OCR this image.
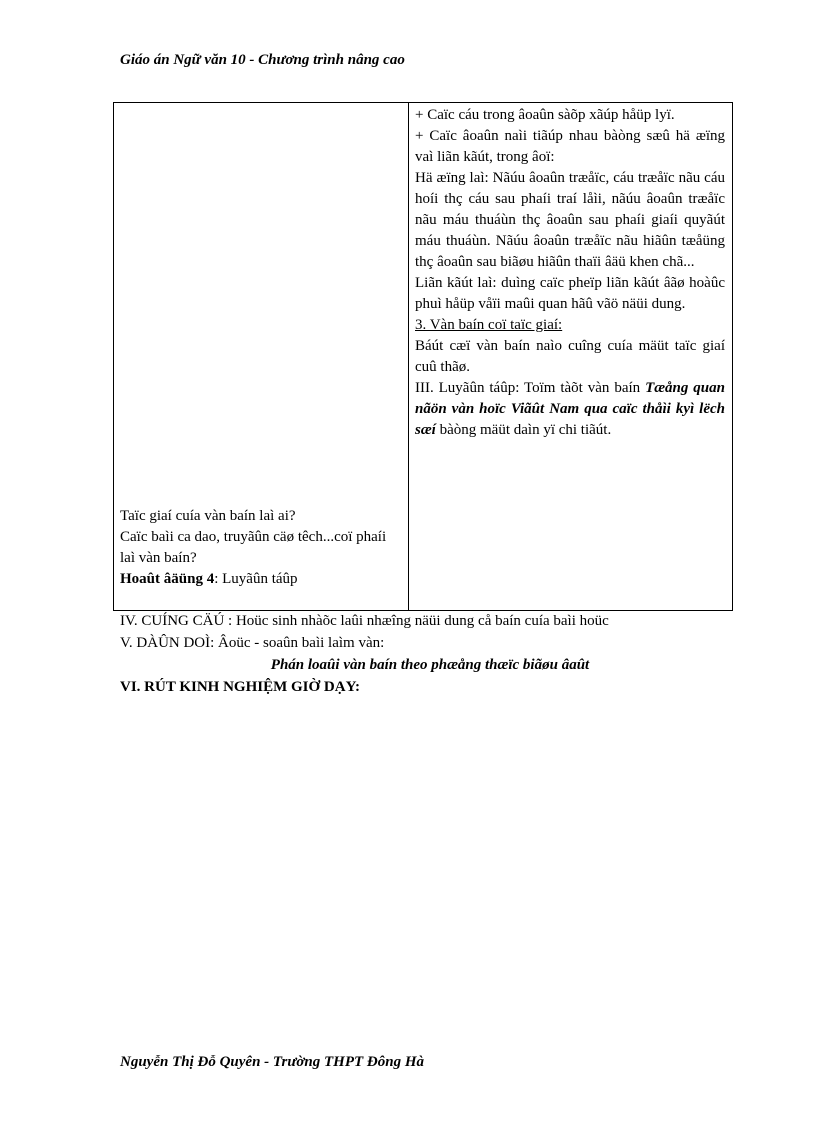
Giáo án Ngữ văn 10 - Chương trình nâng cao

Taïc giaí cuía vàn baín laì ai?

Caïc baìi ca dao, truyãûn cäø têch...coï phaíi laì vàn baín?

Hoaût âäüng 4: Luyãûn táûp

+ Caïc cáu trong âoaûn sàõp xãúp håüp lyï.

+ Caïc âoaûn naìi tiãúp nhau bàòng sæû hä æïng vaì liãn kãút, trong âoï:

Hä æïng laì: Nãúu âoaûn træåïc, cáu træåïc nãu cáu hoíi thç cáu sau phaíi traí låìi, nãúu âoaûn træåïc nãu máu thuáùn thç âoaûn sau phaíi giaíi quyãút máu thuáùn. Nãúu âoaûn træåïc nãu hiãûn tæåüng thç âoaûn sau biãøu hiãûn thaïi âäü khen chã...

Liãn kãút laì: duìng caïc pheïp liãn kãút âãø hoàûc phuì håüp våïi maûi quan hãû vãö näüi dung.

3. Vàn baín coï taïc giaí:

Báút cæï vàn baín naìo cuîng cuía mäüt taïc giaí cuû thãø.

III. Luyãûn táûp: Toïm tàõt vàn baín Tæång quan nãön vàn hoïc Viãût Nam qua caïc thåìi kyì lëch sæí bàòng mäüt daìn yï chi tiãút.

IV. CUÍNG CÄÚ : Hoüc sinh nhàõc laûi nhæîng näüi dung cå baín cuía baìi hoüc
V. DÀÛN DOÌ: Âoüc - soaûn baìi laìm vàn:
Phán loaûi vàn baín theo phæång thæïc biãøu âaût
VI. RÚT KINH NGHIỆM GIỜ DẠY:
Nguyễn Thị Đỗ Quyên - Trường THPT Đông Hà
